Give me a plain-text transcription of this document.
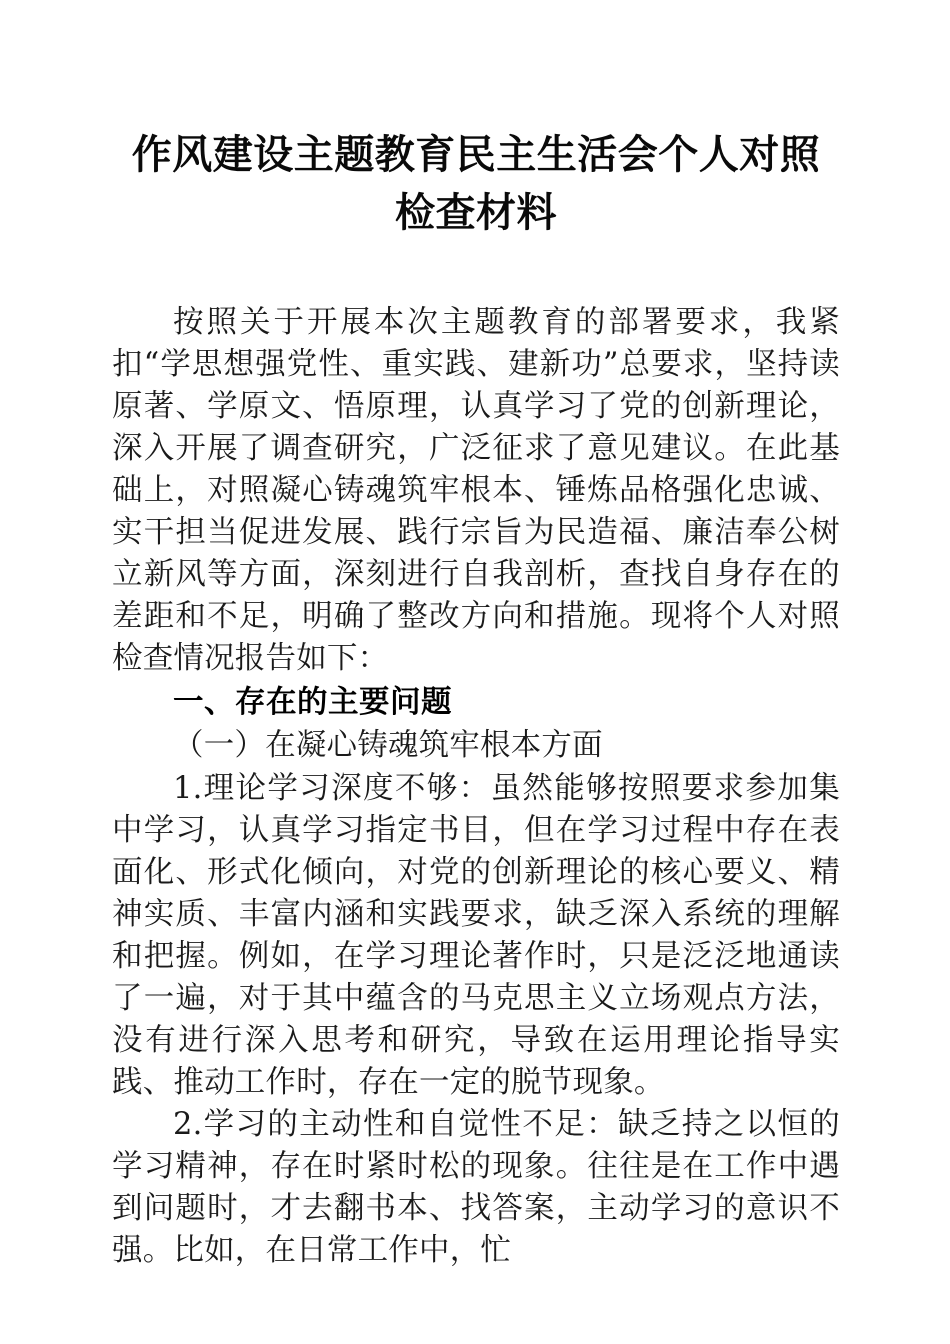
作风建设主题教育民主生活会个人对照检查材料

按照关于开展本次主题教育的部署要求，我紧扣“学思想强党性、重实践、建新功”总要求，坚持读原著、学原文、悟原理，认真学习了党的创新理论，深入开展了调查研究，广泛征求了意见建议。在此基础上，对照凝心铸魂筑牢根本、锤炼品格强化忠诚、实干担当促进发展、践行宗旨为民造福、廉洁奉公树立新风等方面，深刻进行自我剖析，查找自身存在的差距和不足，明确了整改方向和措施。现将个人对照检查情况报告如下：

一、存在的主要问题

（一）在凝心铸魂筑牢根本方面

1.理论学习深度不够：虽然能够按照要求参加集中学习，认真学习指定书目，但在学习过程中存在表面化、形式化倾向，对党的创新理论的核心要义、精神实质、丰富内涵和实践要求，缺乏深入系统的理解和把握。例如，在学习理论著作时，只是泛泛地通读了一遍，对于其中蕴含的马克思主义立场观点方法，没有进行深入思考和研究，导致在运用理论指导实践、推动工作时，存在一定的脱节现象。

2.学习的主动性和自觉性不足：缺乏持之以恒的学习精神，存在时紧时松的现象。往往是在工作中遇到问题时，才去翻书本、找答案，主动学习的意识不强。比如，在日常工作中，忙
